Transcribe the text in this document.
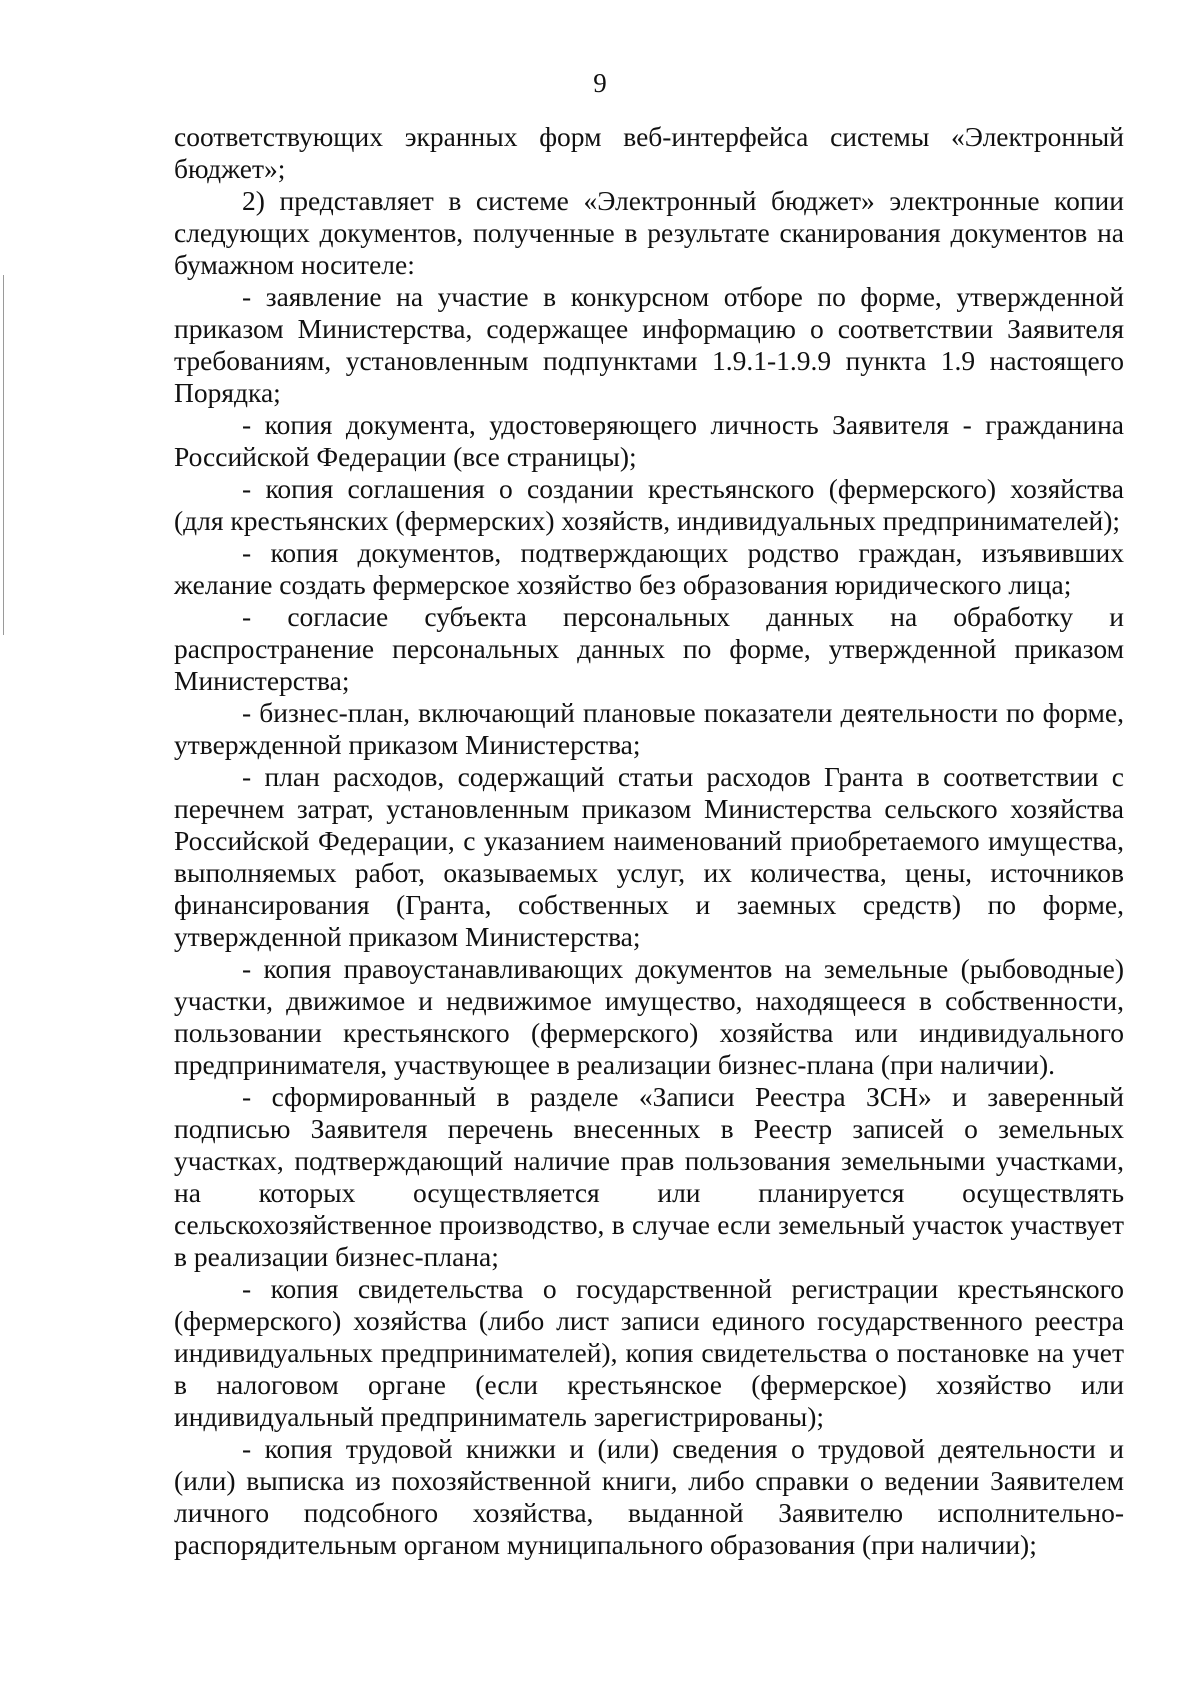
9

соответствующих экранных форм веб-интерфейса системы «Электронный бюджет»;

2) представляет в системе «Электронный бюджет» электронные копии следующих документов, полученные в результате сканирования документов на бумажном носителе:

- заявление на участие в конкурсном отборе по форме, утвержденной приказом Министерства, содержащее информацию о соответствии Заявителя требованиям, установленным подпунктами 1.9.1-1.9.9 пункта 1.9 настоящего Порядка;

- копия документа, удостоверяющего личность Заявителя - гражданина Российской Федерации (все страницы);

- копия соглашения о создании крестьянского (фермерского) хозяйства (для крестьянских (фермерских) хозяйств, индивидуальных предпринимателей);

- копия документов, подтверждающих родство граждан, изъявивших желание создать фермерское хозяйство без образования юридического лица;

- согласие субъекта персональных данных на обработку и распространение персональных данных по форме, утвержденной приказом Министерства;

- бизнес-план, включающий плановые показатели деятельности по форме, утвержденной приказом Министерства;

- план расходов, содержащий статьи расходов Гранта в соответствии с перечнем затрат, установленным приказом Министерства сельского хозяйства Российской Федерации, с указанием наименований приобретаемого имущества, выполняемых работ, оказываемых услуг, их количества, цены, источников финансирования (Гранта, собственных и заемных средств) по форме, утвержденной приказом Министерства;

- копия правоустанавливающих документов на земельные (рыбоводные) участки, движимое и недвижимое имущество, находящееся в собственности, пользовании крестьянского (фермерского) хозяйства или индивидуального предпринимателя, участвующее в реализации бизнес-плана (при наличии).

- сформированный в разделе «Записи Реестра ЗСН» и заверенный подписью Заявителя перечень внесенных в Реестр записей о земельных участках, подтверждающий наличие прав пользования земельными участками, на которых осуществляется или планируется осуществлять сельскохозяйственное производство, в случае если земельный участок участвует в реализации бизнес-плана;

- копия свидетельства о государственной регистрации крестьянского (фермерского) хозяйства (либо лист записи единого государственного реестра индивидуальных предпринимателей), копия свидетельства о постановке на учет в налоговом органе (если крестьянское (фермерское) хозяйство или индивидуальный предприниматель зарегистрированы);

- копия трудовой книжки и (или) сведения о трудовой деятельности и (или) выписка из похозяйственной книги, либо справки о ведении Заявителем личного подсобного хозяйства, выданной Заявителю исполнительно-распорядительным органом муниципального образования (при наличии);
